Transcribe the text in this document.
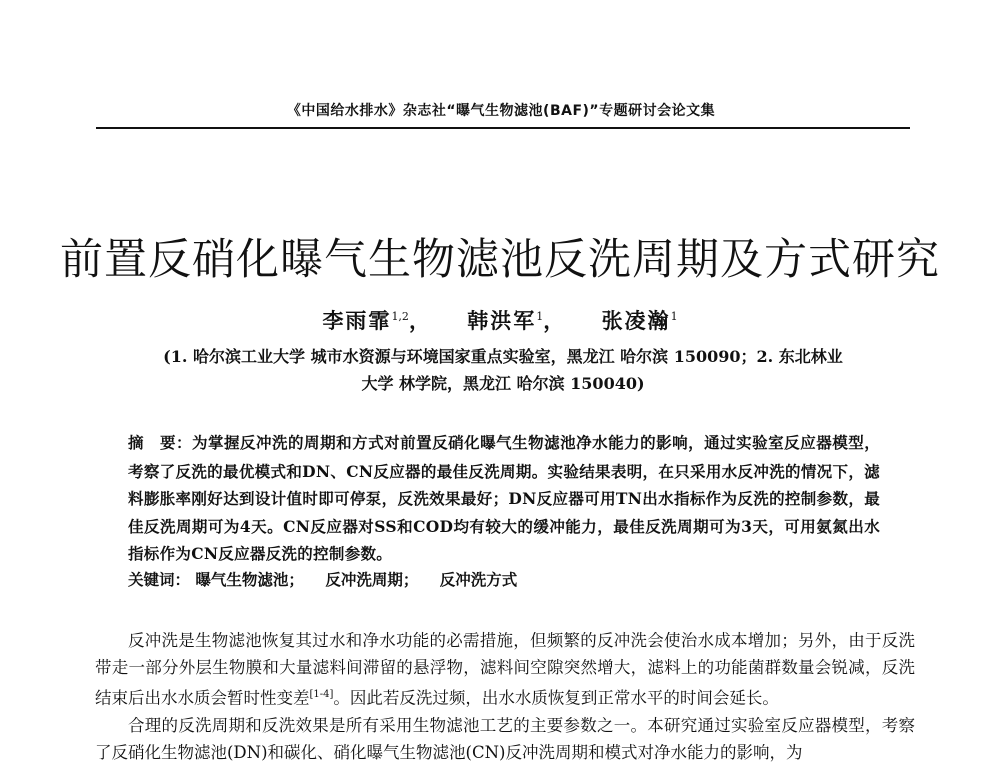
《中国给水排水》杂志社“曝气生物滤池(BAF)”专题研讨会论文集
前置反硝化曝气生物滤池反洗周期及方式研究
李雨霏$^{1,2}$， 韩洪军$^1$， 张凌瀚$^1$
(1. 哈尔滨工业大学 城市水资源与环境国家重点实验室，黑龙江 哈尔滨 150090；2. 东北林业
大学 林学院，黑龙江 哈尔滨 150040)
摘　要：为掌握反冲洗的周期和方式对前置反硝化曝气生物滤池净水能力的影响，通过实验室反应器模型，考察了反洗的最优模式和DN、CN反应器的最佳反洗周期。实验结果表明，在只采用水反冲洗的情况下，滤料膨胀率刚好达到设计值时即可停泵，反洗效果最好；DN反应器可用TN出水指标作为反洗的控制参数，最佳反洗周期可为4天。CN反应器对SS和COD均有较大的缓冲能力，最佳反洗周期可为3天，可用氨氮出水指标作为CN反应器反洗的控制参数。
关键词： 曝气生物滤池； 反冲洗周期； 反冲洗方式

反冲洗是生物滤池恢复其过水和净水功能的必需措施，但频繁的反冲洗会使治水成本增加；另外，由于反洗带走一部分外层生物膜和大量滤料间滞留的悬浮物，滤料间空隙突然增大，滤料上的功能菌群数量会锐减，反洗结束后出水水质会暂时性变差[1-4]。因此若反洗过频，出水水质恢复到正常水平的时间会延长。

合理的反洗周期和反洗效果是所有采用生物滤池工艺的主要参数之一。本研究通过实验室反应器模型，考察了反硝化生物滤池(DN)和碳化、硝化曝气生物滤池(CN)反冲洗周期和模式对净水能力的影响，为
